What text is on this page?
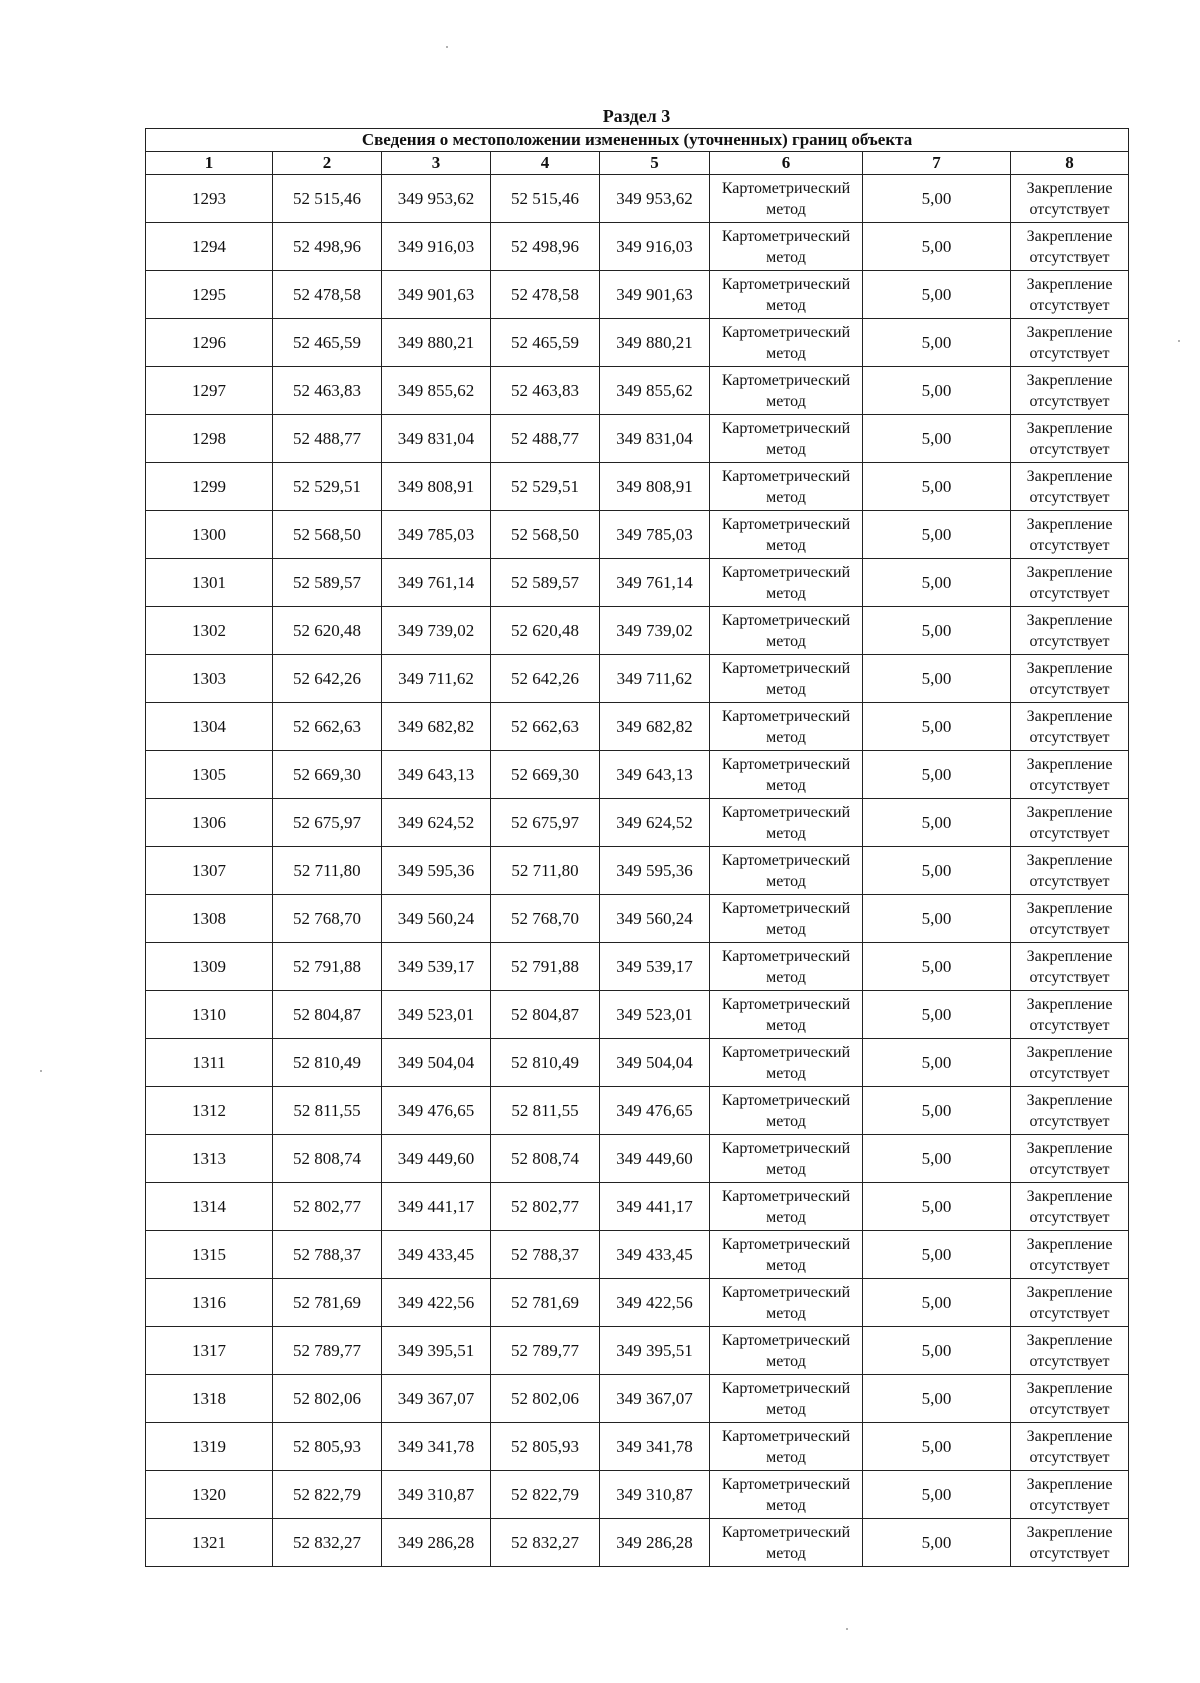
Раздел 3
Сведения о местоположении измененных (уточненных) границ объекта							
1	2	3	4	5	6	7	8
1293	52 515,46	349 953,62	52 515,46	349 953,62	Картометрический метод	5,00	Закрепление отсутствует
1294	52 498,96	349 916,03	52 498,96	349 916,03	Картометрический метод	5,00	Закрепление отсутствует
1295	52 478,58	349 901,63	52 478,58	349 901,63	Картометрический метод	5,00	Закрепление отсутствует
1296	52 465,59	349 880,21	52 465,59	349 880,21	Картометрический метод	5,00	Закрепление отсутствует
1297	52 463,83	349 855,62	52 463,83	349 855,62	Картометрический метод	5,00	Закрепление отсутствует
1298	52 488,77	349 831,04	52 488,77	349 831,04	Картометрический метод	5,00	Закрепление отсутствует
1299	52 529,51	349 808,91	52 529,51	349 808,91	Картометрический метод	5,00	Закрепление отсутствует
1300	52 568,50	349 785,03	52 568,50	349 785,03	Картометрический метод	5,00	Закрепление отсутствует
1301	52 589,57	349 761,14	52 589,57	349 761,14	Картометрический метод	5,00	Закрепление отсутствует
1302	52 620,48	349 739,02	52 620,48	349 739,02	Картометрический метод	5,00	Закрепление отсутствует
1303	52 642,26	349 711,62	52 642,26	349 711,62	Картометрический метод	5,00	Закрепление отсутствует
1304	52 662,63	349 682,82	52 662,63	349 682,82	Картометрический метод	5,00	Закрепление отсутствует
1305	52 669,30	349 643,13	52 669,30	349 643,13	Картометрический метод	5,00	Закрепление отсутствует
1306	52 675,97	349 624,52	52 675,97	349 624,52	Картометрический метод	5,00	Закрепление отсутствует
1307	52 711,80	349 595,36	52 711,80	349 595,36	Картометрический метод	5,00	Закрепление отсутствует
1308	52 768,70	349 560,24	52 768,70	349 560,24	Картометрический метод	5,00	Закрепление отсутствует
1309	52 791,88	349 539,17	52 791,88	349 539,17	Картометрический метод	5,00	Закрепление отсутствует
1310	52 804,87	349 523,01	52 804,87	349 523,01	Картометрический метод	5,00	Закрепление отсутствует
1311	52 810,49	349 504,04	52 810,49	349 504,04	Картометрический метод	5,00	Закрепление отсутствует
1312	52 811,55	349 476,65	52 811,55	349 476,65	Картометрический метод	5,00	Закрепление отсутствует
1313	52 808,74	349 449,60	52 808,74	349 449,60	Картометрический метод	5,00	Закрепление отсутствует
1314	52 802,77	349 441,17	52 802,77	349 441,17	Картометрический метод	5,00	Закрепление отсутствует
1315	52 788,37	349 433,45	52 788,37	349 433,45	Картометрический метод	5,00	Закрепление отсутствует
1316	52 781,69	349 422,56	52 781,69	349 422,56	Картометрический метод	5,00	Закрепление отсутствует
1317	52 789,77	349 395,51	52 789,77	349 395,51	Картометрический метод	5,00	Закрепление отсутствует
1318	52 802,06	349 367,07	52 802,06	349 367,07	Картометрический метод	5,00	Закрепление отсутствует
1319	52 805,93	349 341,78	52 805,93	349 341,78	Картометрический метод	5,00	Закрепление отсутствует
1320	52 822,79	349 310,87	52 822,79	349 310,87	Картометрический метод	5,00	Закрепление отсутствует
1321	52 832,27	349 286,28	52 832,27	349 286,28	Картометрический метод	5,00	Закрепление отсутствует
